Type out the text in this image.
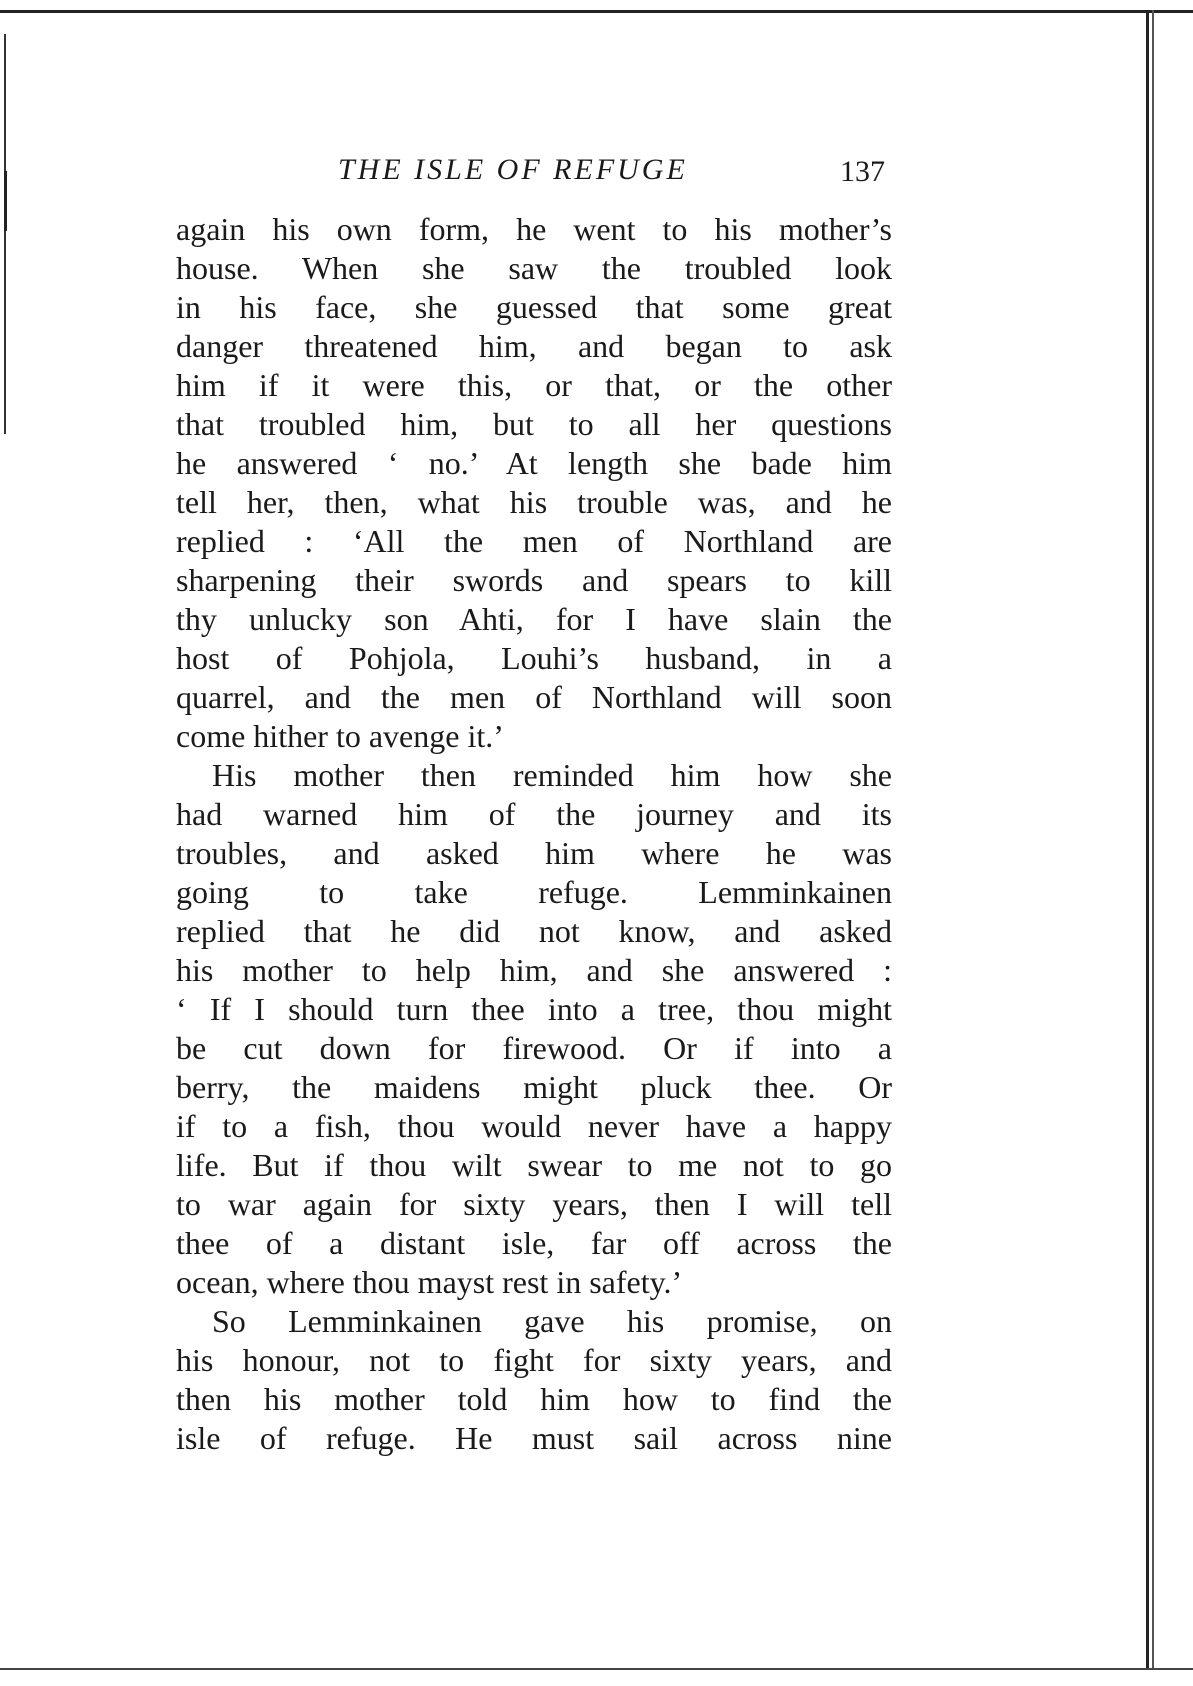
THE ISLE OF REFUGE	137
again his own form, he went to his mother’s
house. When she saw the troubled look
in his face, she guessed that some great
danger threatened him, and began to ask
him if it were this, or that, or the other
that troubled him, but to all her questions
he answered ‘ no.’ At length she bade him
tell her, then, what his trouble was, and he
replied : ‘All the men of Northland are
sharpening their swords and spears to kill
thy unlucky son Ahti, for I have slain the
host of Pohjola, Louhi’s husband, in a
quarrel, and the men of Northland will soon
come hither to avenge it.’
His mother then reminded him how she
had warned him of the journey and its
troubles, and asked him where he was
going to take refuge. Lemminkainen
replied that he did not know, and asked
his mother to help him, and she answered :
‘ If I should turn thee into a tree, thou might
be cut down for firewood. Or if into a
berry, the maidens might pluck thee. Or
if to a fish, thou would never have a happy
life. But if thou wilt swear to me not to go
to war again for sixty years, then I will tell
thee of a distant isle, far off across the
ocean, where thou mayst rest in safety.’
So Lemminkainen gave his promise, on
his honour, not to fight for sixty years, and
then his mother told him how to find the
isle of refuge. He must sail across nine
